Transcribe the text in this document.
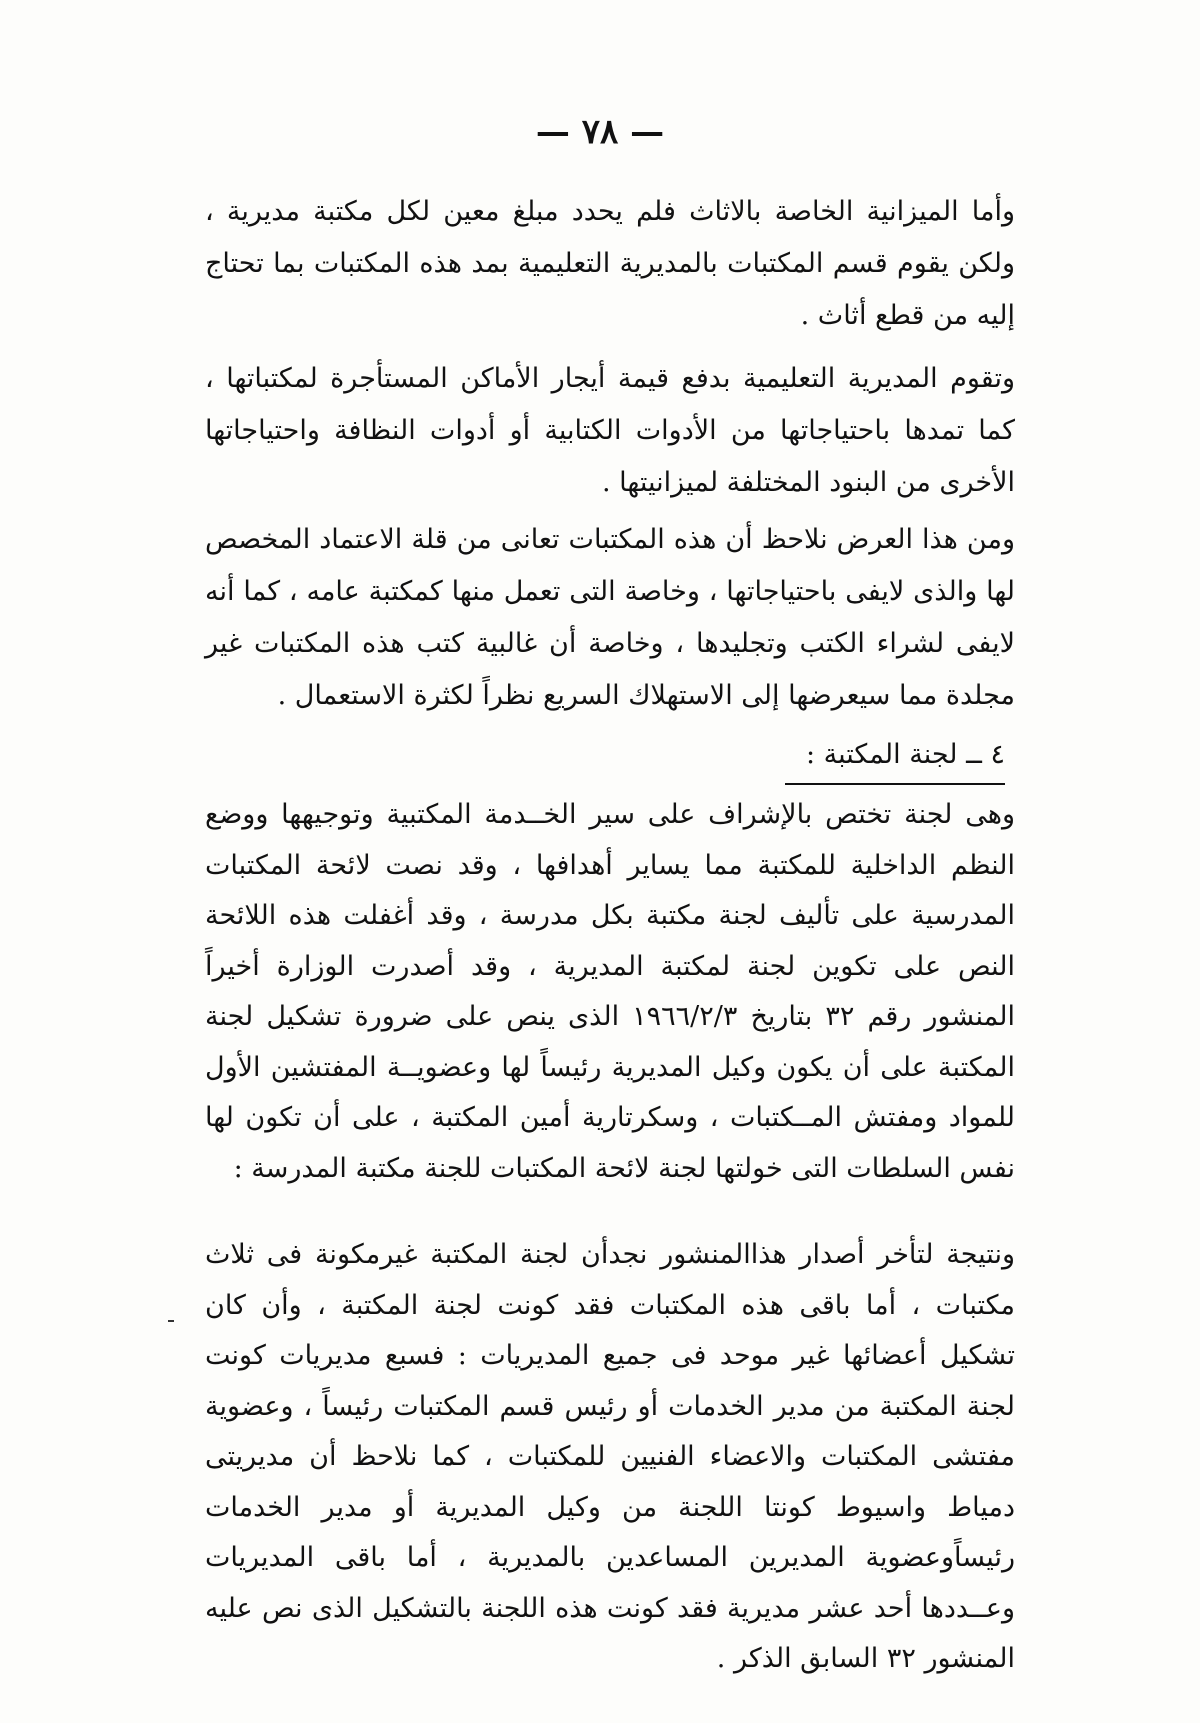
— ٧٨ —
وأما الميزانية الخاصة بالاثاث فلم يحدد مبلغ معين لكل مكتبة مديرية ، ولكن يقوم قسم المكتبات بالمديرية التعليمية بمد هذه المكتبات بما تحتاج إليه من قطع أثاث .
وتقوم المديرية التعليمية بدفع قيمة أيجار الأماكن المستأجرة لمكتباتها ، كما تمدها باحتياجاتها من الأدوات الكتابية أو أدوات النظافة واحتياجاتها الأخرى من البنود المختلفة لميزانيتها .
ومن هذا العرض نلاحظ أن هذه المكتبات تعانى من قلة الاعتماد المخصص لها والذى لايفى باحتياجاتها ، وخاصة التى تعمل منها كمكتبة عامه ، كما أنه لايفى لشراء الكتب وتجليدها ، وخاصة أن غالبية كتب هذه المكتبات غير مجلدة مما سيعرضها إلى الاستهلاك السريع نظراً لكثرة الاستعمال .
٤ ــ لجنة المكتبة :
وهى لجنة تختص بالإشراف على سير الخــدمة المكتبية وتوجيهها ووضع النظم الداخلية للمكتبة مما يساير أهدافها ، وقد نصت لائحة المكتبات المدرسية على تأليف لجنة مكتبة بكل مدرسة ، وقد أغفلت هذه اللائحة النص على تكوين لجنة لمكتبة المديرية ، وقد أصدرت الوزارة أخيراً المنشور رقم ٣٢ بتاريخ ١٩٦٦/٢/٣ الذى ينص على ضرورة تشكيل لجنة المكتبة على أن يكون وكيل المديرية رئيساً لها وعضويــة المفتشين الأول للمواد ومفتش المــكتبات ، وسكرتارية أمين المكتبة ، على أن تكون لها نفس السلطات التى خولتها لجنة لائحة المكتبات للجنة مكتبة المدرسة :
ونتيجة لتأخر أصدار هذاالمنشور نجدأن لجنة المكتبة غيرمكونة فى ثلاث مكتبات ، أما باقى هذه المكتبات فقد كونت لجنة المكتبة ، وأن كان تشكيل أعضائها غير موحد فى جميع المديريات : فسبع مديريات كونت لجنة المكتبة من مدير الخدمات أو رئيس قسم المكتبات رئيساً ، وعضوية مفتشى المكتبات والاعضاء الفنيين للمكتبات ، كما نلاحظ أن مديريتى دمياط واسيوط كونتا اللجنة من وكيل المديرية أو مدير الخدمات رئيساًوعضوية المديرين المساعدين بالمديرية ، أما باقى المديريات وعــددها أحد عشر مديرية فقد كونت هذه اللجنة بالتشكيل الذى نص عليه المنشور ٣٢ السابق الذكر .
